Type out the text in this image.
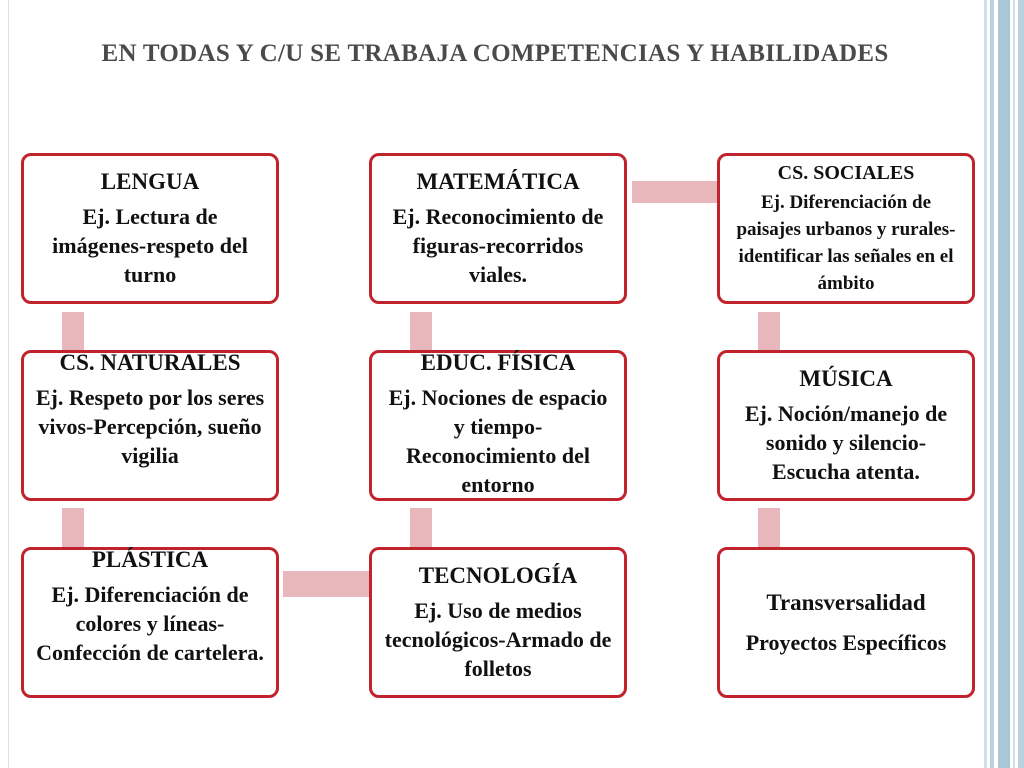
EN TODAS Y C/U SE TRABAJA COMPETENCIAS Y HABILIDADES
LENGUA
Ej. Lectura de imágenes-respeto del turno
MATEMÁTICA
Ej. Reconocimiento de figuras-recorridos viales.
CS. SOCIALES
Ej. Diferenciación de paisajes urbanos y rurales-identificar las señales en el ámbito
CS. NATURALES
Ej. Respeto por los seres vivos-Percepción, sueño vigilia
EDUC. FÍSICA
Ej. Nociones de espacio y tiempo-Reconocimiento del entorno
MÚSICA
Ej. Noción/manejo de sonido y silencio-Escucha atenta.
PLÁSTICA
Ej. Diferenciación de colores y líneas-Confección de cartelera.
TECNOLOGÍA
Ej. Uso de medios tecnológicos-Armado de folletos
Transversalidad
Proyectos Específicos
